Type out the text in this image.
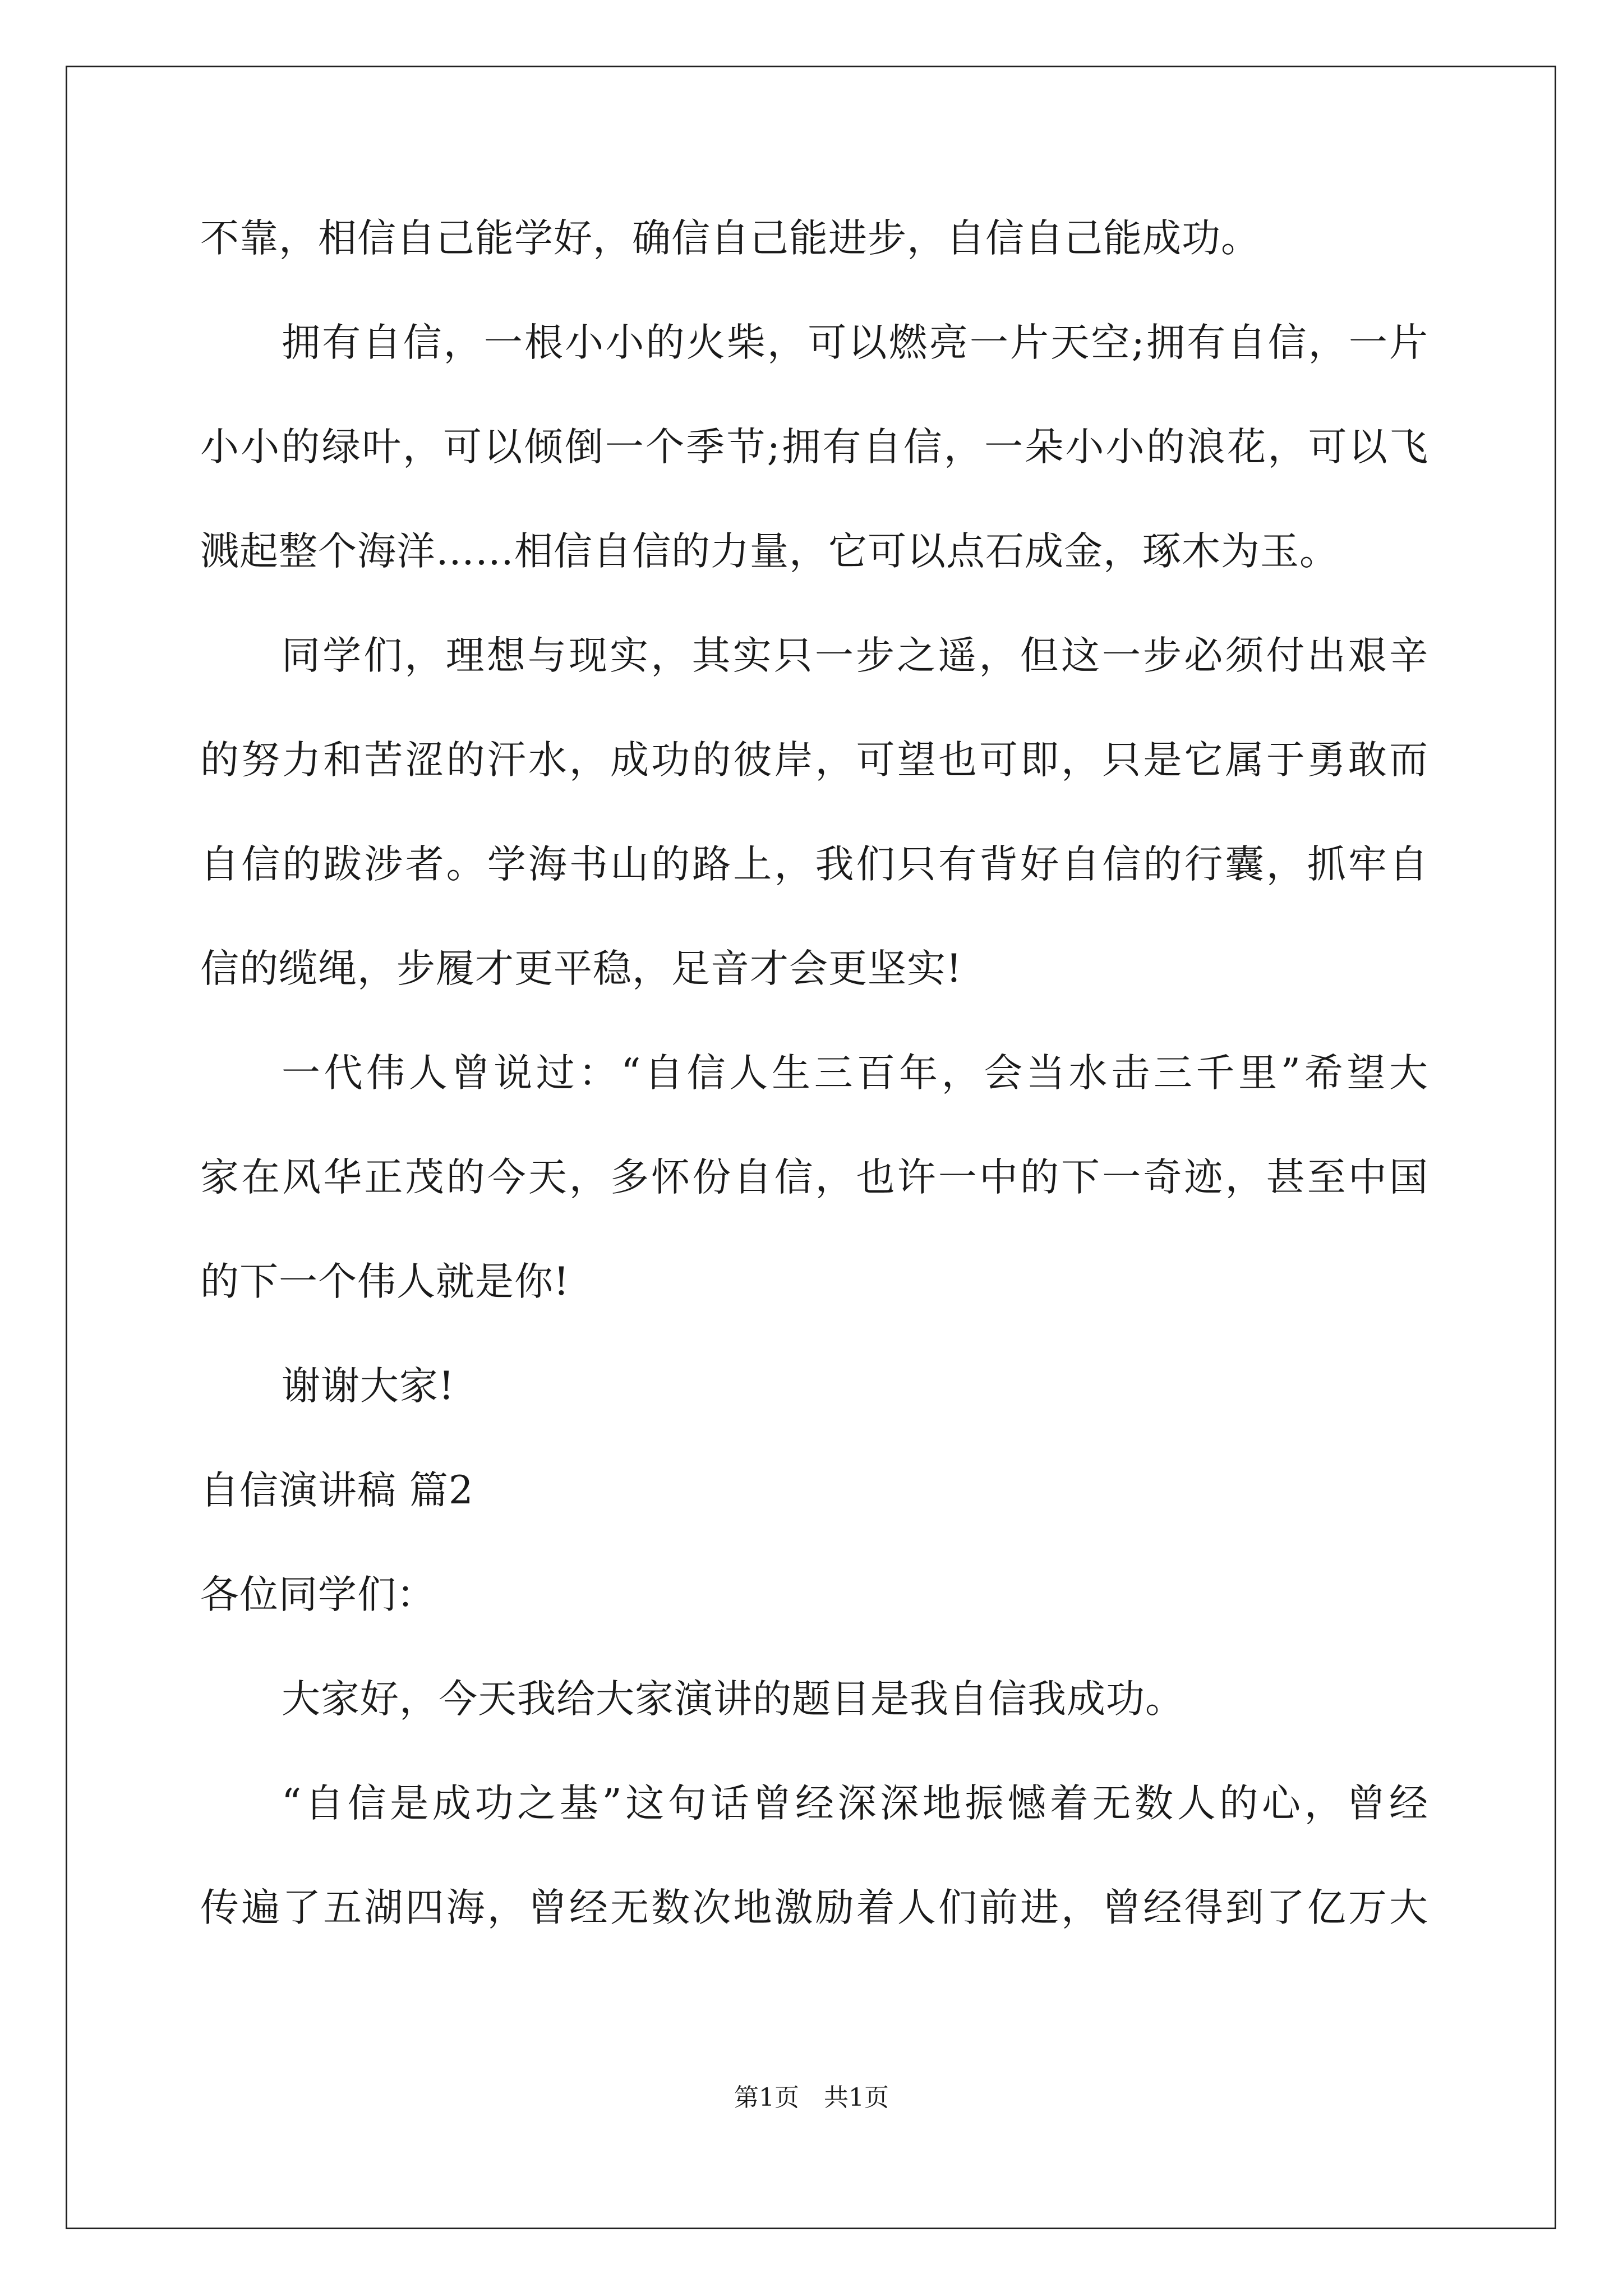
不靠，相信自己能学好，确信自己能进步，自信自己能成功。
拥有自信，一根小小的火柴，可以燃亮一片天空;拥有自信，一片
小小的绿叶，可以倾倒一个季节;拥有自信，一朵小小的浪花，可以飞
溅起整个海洋……相信自信的力量，它可以点石成金，琢木为玉。
同学们，理想与现实，其实只一步之遥，但这一步必须付出艰辛
的努力和苦涩的汗水，成功的彼岸，可望也可即，只是它属于勇敢而
自信的跋涉者。学海书山的路上，我们只有背好自信的行囊，抓牢自
信的缆绳，步履才更平稳，足音才会更坚实!
一代伟人曾说过：“自信人生三百年，会当水击三千里”希望大
家在风华正茂的今天，多怀份自信，也许一中的下一奇迹，甚至中国
的下一个伟人就是你!
谢谢大家!
自信演讲稿 篇2
各位同学们：
大家好，今天我给大家演讲的题目是我自信我成功。
“自信是成功之基”这句话曾经深深地振憾着无数人的心，曾经
传遍了五湖四海，曾经无数次地激励着人们前进，曾经得到了亿万大
第1页　共1页
